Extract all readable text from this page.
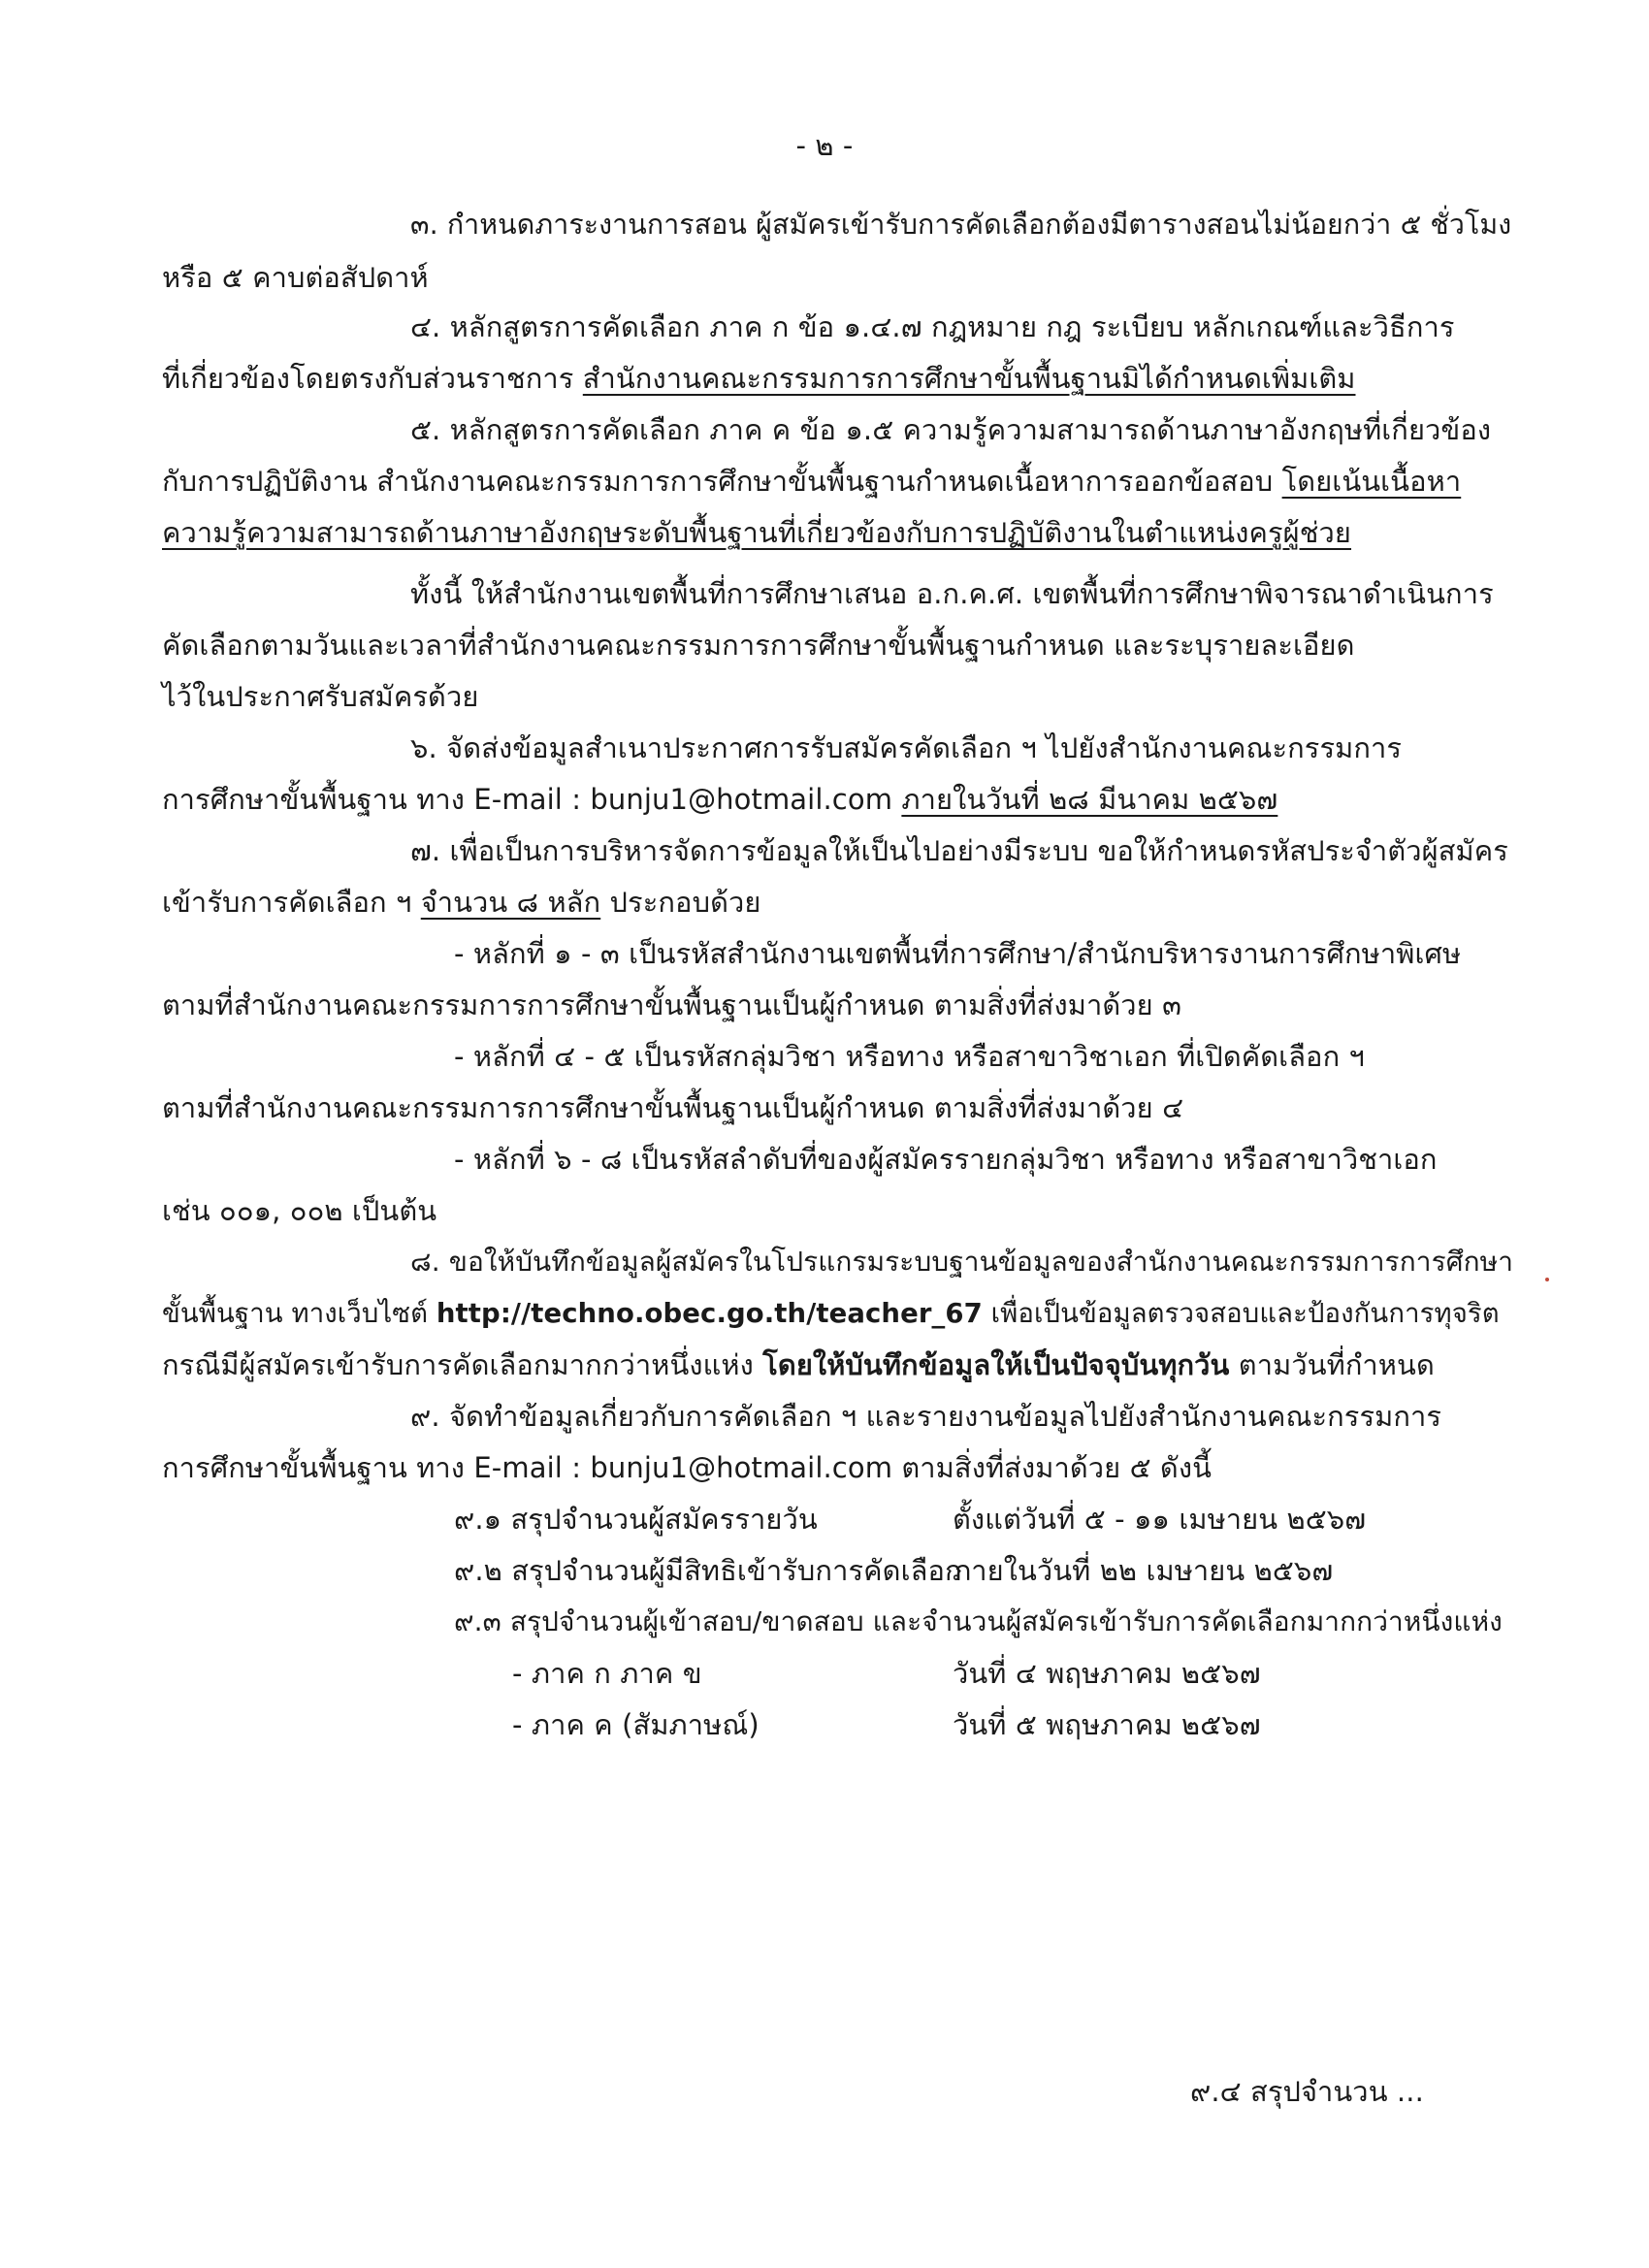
- ๒ -
๓. กำหนดภาระงานการสอน ผู้สมัครเข้ารับการคัดเลือกต้องมีตารางสอนไม่น้อยกว่า ๕ ชั่วโมง
หรือ ๕ คาบต่อสัปดาห์
๔. หลักสูตรการคัดเลือก ภาค ก ข้อ ๑.๔.๗ กฎหมาย กฎ ระเบียบ หลักเกณฑ์และวิธีการ
ที่เกี่ยวข้องโดยตรงกับส่วนราชการ สำนักงานคณะกรรมการการศึกษาขั้นพื้นฐานมิได้กำหนดเพิ่มเติม
๕. หลักสูตรการคัดเลือก ภาค ค ข้อ ๑.๕ ความรู้ความสามารถด้านภาษาอังกฤษที่เกี่ยวข้อง
กับการปฏิบัติงาน สำนักงานคณะกรรมการการศึกษาขั้นพื้นฐานกำหนดเนื้อหาการออกข้อสอบ โดยเน้นเนื้อหา
ความรู้ความสามารถด้านภาษาอังกฤษระดับพื้นฐานที่เกี่ยวข้องกับการปฏิบัติงานในตำแหน่งครูผู้ช่วย
ทั้งนี้ ให้สำนักงานเขตพื้นที่การศึกษาเสนอ อ.ก.ค.ศ. เขตพื้นที่การศึกษาพิจารณาดำเนินการ
คัดเลือกตามวันและเวลาที่สำนักงานคณะกรรมการการศึกษาขั้นพื้นฐานกำหนด และระบุรายละเอียด
ไว้ในประกาศรับสมัครด้วย
๖. จัดส่งข้อมูลสำเนาประกาศการรับสมัครคัดเลือก ฯ ไปยังสำนักงานคณะกรรมการ
การศึกษาขั้นพื้นฐาน ทาง E-mail : bunju1@hotmail.com ภายในวันที่ ๒๘ มีนาคม ๒๕๖๗
๗. เพื่อเป็นการบริหารจัดการข้อมูลให้เป็นไปอย่างมีระบบ ขอให้กำหนดรหัสประจำตัวผู้สมัคร
เข้ารับการคัดเลือก ฯ จำนวน ๘ หลัก ประกอบด้วย
- หลักที่ ๑ - ๓ เป็นรหัสสำนักงานเขตพื้นที่การศึกษา/สำนักบริหารงานการศึกษาพิเศษ
ตามที่สำนักงานคณะกรรมการการศึกษาขั้นพื้นฐานเป็นผู้กำหนด ตามสิ่งที่ส่งมาด้วย ๓
- หลักที่ ๔ - ๕ เป็นรหัสกลุ่มวิชา หรือทาง หรือสาขาวิชาเอก ที่เปิดคัดเลือก ฯ
ตามที่สำนักงานคณะกรรมการการศึกษาขั้นพื้นฐานเป็นผู้กำหนด ตามสิ่งที่ส่งมาด้วย ๔
- หลักที่ ๖ - ๘ เป็นรหัสลำดับที่ของผู้สมัครรายกลุ่มวิชา หรือทาง หรือสาขาวิชาเอก
เช่น ๐๐๑, ๐๐๒ เป็นต้น
๘. ขอให้บันทึกข้อมูลผู้สมัครในโปรแกรมระบบฐานข้อมูลของสำนักงานคณะกรรมการการศึกษา
ขั้นพื้นฐาน ทางเว็บไซต์ http://techno.obec.go.th/teacher_67 เพื่อเป็นข้อมูลตรวจสอบและป้องกันการทุจริต
กรณีมีผู้สมัครเข้ารับการคัดเลือกมากกว่าหนึ่งแห่ง โดยให้บันทึกข้อมูลให้เป็นปัจจุบันทุกวัน ตามวันที่กำหนด
๙. จัดทำข้อมูลเกี่ยวกับการคัดเลือก ฯ และรายงานข้อมูลไปยังสำนักงานคณะกรรมการ
การศึกษาขั้นพื้นฐาน ทาง E-mail : bunju1@hotmail.com ตามสิ่งที่ส่งมาด้วย ๕ ดังนี้
๙.๑ สรุปจำนวนผู้สมัครรายวัน	ตั้งแต่วันที่ ๕ - ๑๑ เมษายน ๒๕๖๗
๙.๒ สรุปจำนวนผู้มีสิทธิเข้ารับการคัดเลือก
ภายในวันที่ ๒๒ เมษายน ๒๕๖๗
๙.๓ สรุปจำนวนผู้เข้าสอบ/ขาดสอบ และจำนวนผู้สมัครเข้ารับการคัดเลือกมากกว่าหนึ่งแห่ง
- ภาค ก ภาค ข	วันที่ ๔ พฤษภาคม ๒๕๖๗
- ภาค ค (สัมภาษณ์)	วันที่ ๕ พฤษภาคม ๒๕๖๗
๙.๔ สรุปจำนวน ...
